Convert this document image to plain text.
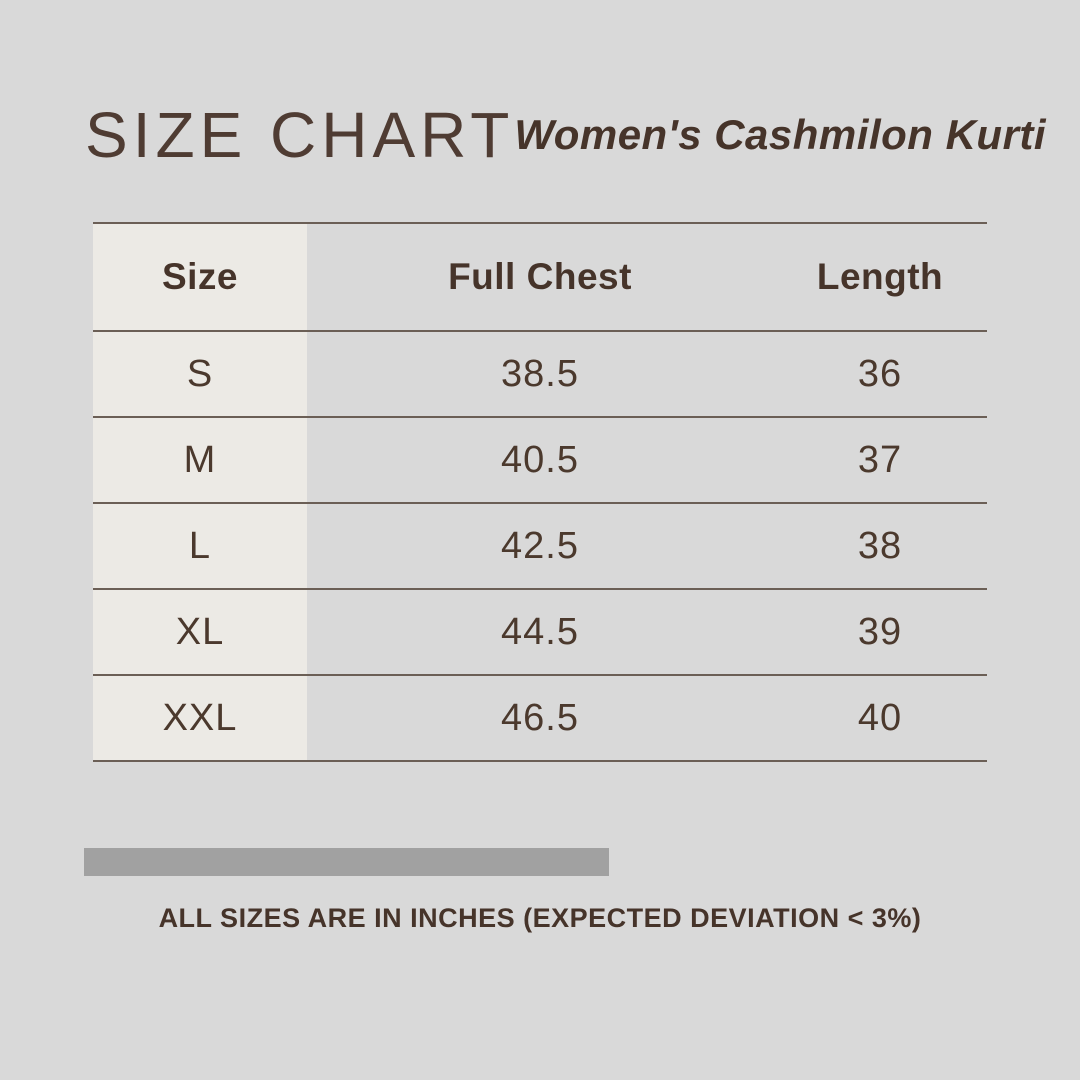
SIZE CHART Women's Cashmilon Kurti
Size	Full Chest	Length
S	38.5	36
M	40.5	37
L	42.5	38
XL	44.5	39
XXL	46.5	40

ALL SIZES ARE IN INCHES (EXPECTED DEVIATION < 3%)
